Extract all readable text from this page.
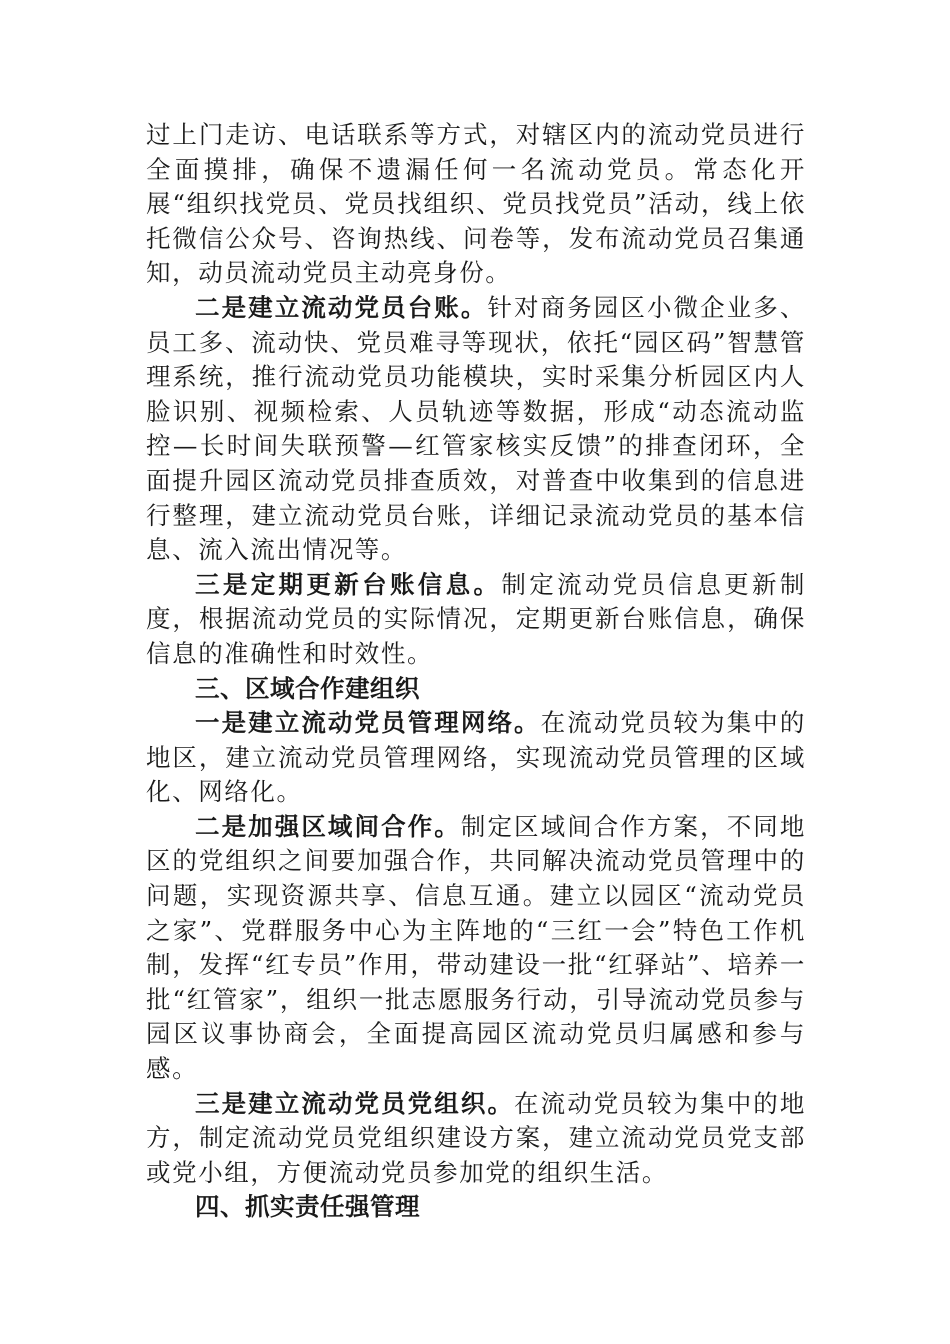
过上门走访、电话联系等方式，对辖区内的流动党员进行全面摸排，确保不遗漏任何一名流动党员。常态化开展“组织找党员、党员找组织、党员找党员”活动，线上依托微信公众号、咨询热线、问卷等，发布流动党员召集通知，动员流动党员主动亮身份。

二是建立流动党员台账。针对商务园区小微企业多、员工多、流动快、党员难寻等现状，依托“园区码”智慧管理系统，推行流动党员功能模块，实时采集分析园区内人脸识别、视频检索、人员轨迹等数据，形成“动态流动监控—长时间失联预警—红管家核实反馈”的排查闭环，全面提升园区流动党员排查质效，对普查中收集到的信息进行整理，建立流动党员台账，详细记录流动党员的基本信息、流入流出情况等。

三是定期更新台账信息。制定流动党员信息更新制度，根据流动党员的实际情况，定期更新台账信息，确保信息的准确性和时效性。

三、区域合作建组织

一是建立流动党员管理网络。在流动党员较为集中的地区，建立流动党员管理网络，实现流动党员管理的区域化、网络化。

二是加强区域间合作。制定区域间合作方案，不同地区的党组织之间要加强合作，共同解决流动党员管理中的问题，实现资源共享、信息互通。建立以园区“流动党员之家”、党群服务中心为主阵地的“三红一会”特色工作机制，发挥“红专员”作用，带动建设一批“红驿站”、培养一批“红管家”，组织一批志愿服务行动，引导流动党员参与园区议事协商会，全面提高园区流动党员归属感和参与感。

三是建立流动党员党组织。在流动党员较为集中的地方，制定流动党员党组织建设方案，建立流动党员党支部或党小组，方便流动党员参加党的组织生活。

四、抓实责任强管理
